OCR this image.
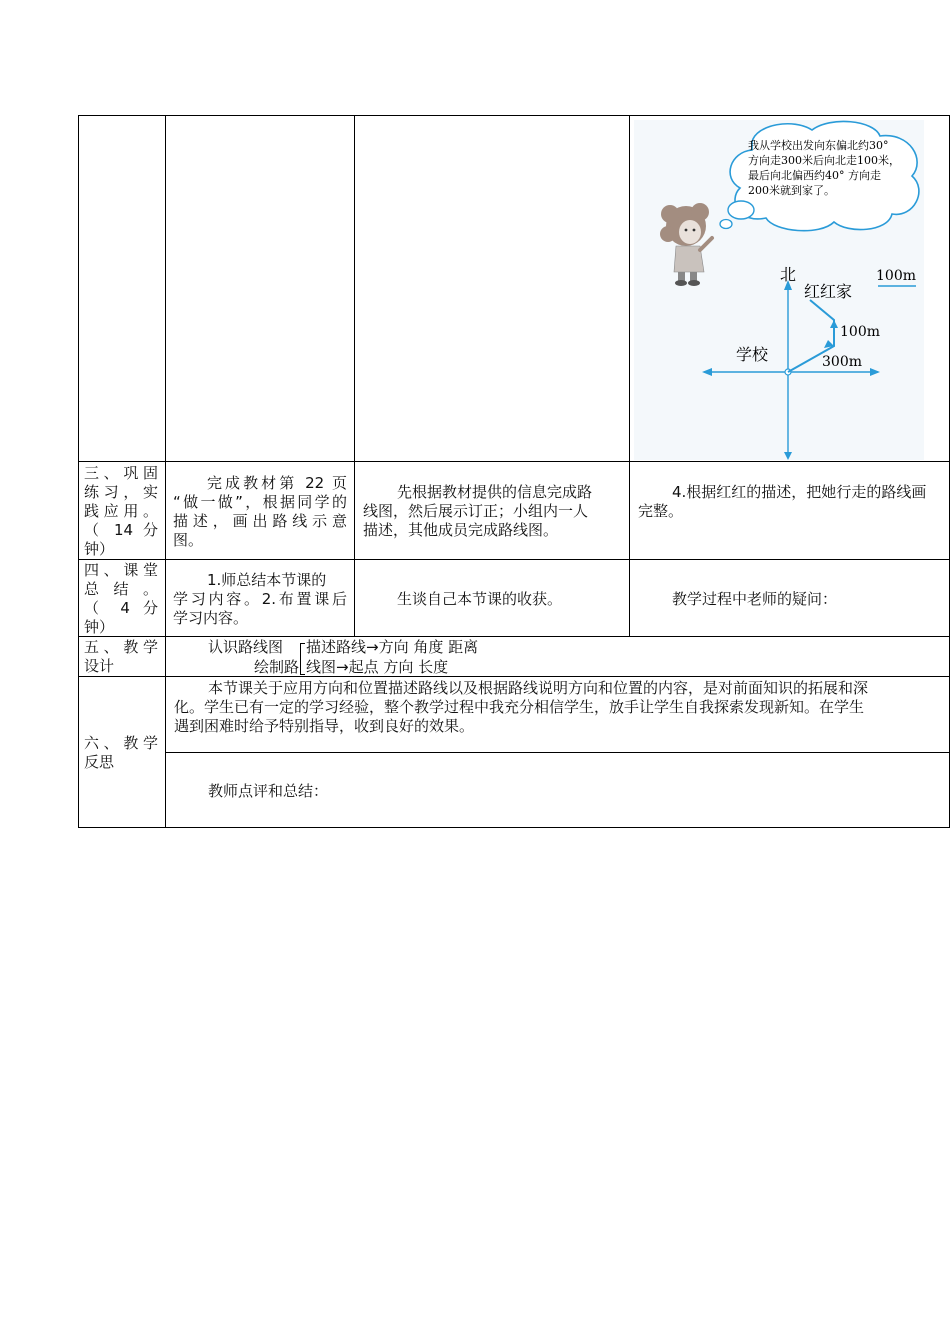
我从学校出发向东偏北约30°
方向走300米后向北走100米，
最后向北偏西约40° 方向走
200米就到家了。
北
红红家
学校
100m
100m
300m

三、巩固

练习，实

践应用。

（ 14 分

钟）

完成教材第 22 页

“做一做”，根据同学的

描述，画出路线示意

图。

先根据教材提供的信息完成路

线图，然后展示订正；小组内一人

描述，其他成员完成路线图。

4.根据红红的描述，把她行走的路线画

完整。

四、课堂

总 结 。

（ 4 分

钟）

1.师总结本节课的

学习内容。2.布置课后

学习内容。

生谈自己本节课的收获。	教学过程中老师的疑问：

五、教学

设计

认识路线图 描述路线→方向 角度 距离
绘制路 线图→起点 方向 长度

六、教学

反思

本节课关于应用方向和位置描述路线以及根据路线说明方向和位置的内容，是对前面知识的拓展和深

化。学生已有一定的学习经验，整个教学过程中我充分相信学生，放手让学生自我探索发现新知。在学生

遇到困难时给予特别指导，收到良好的效果。

教师点评和总结：
